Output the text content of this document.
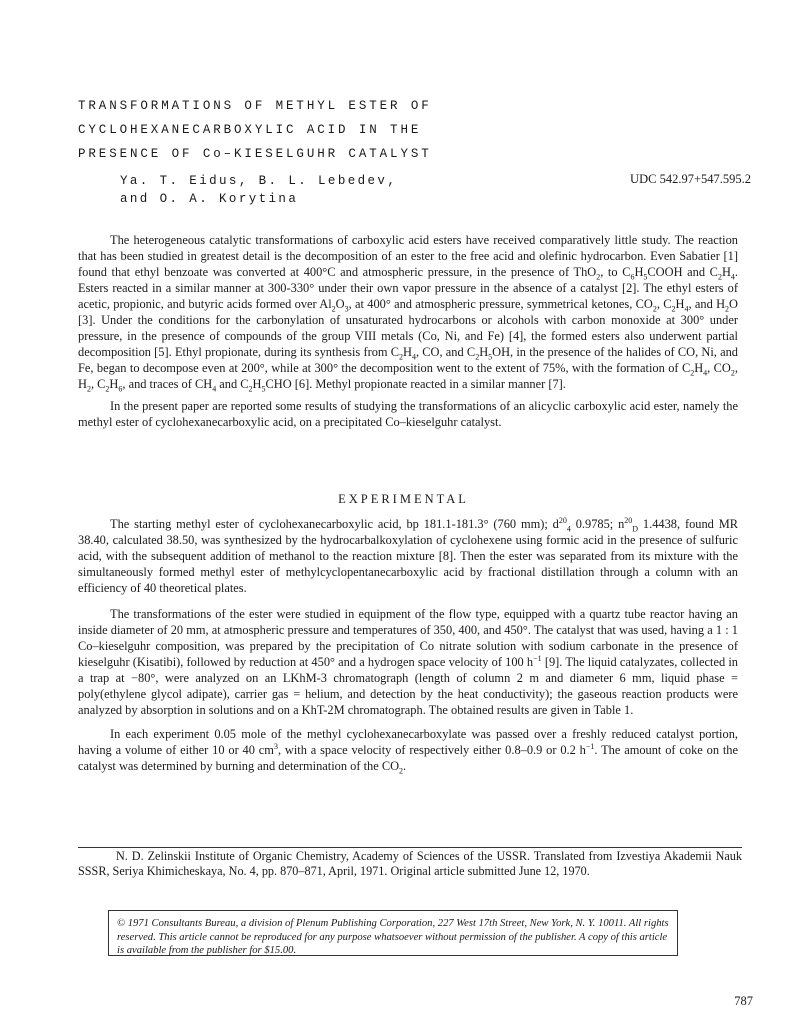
TRANSFORMATIONS OF METHYL ESTER OF
CYCLOHEXANECARBOXYLIC ACID IN THE
PRESENCE OF Co–KIESELGUHR CATALYST
Ya. T. Eidus, B. L. Lebedev,
and O. A. Korytina
UDC 542.97+547.595.2

The heterogeneous catalytic transformations of carboxylic acid esters have received comparatively little study. The reaction that has been studied in greatest detail is the decomposition of an ester to the free acid and olefinic hydrocarbon. Even Sabatier [1] found that ethyl benzoate was converted at 400°C and atmospheric pressure, in the presence of ThO$_2$, to $C_6H_5COOH$ and $C_2H_4$. Esters reacted in a similar manner at 300-330° under their own vapor pressure in the absence of a catalyst [2]. The ethyl esters of acetic, propionic, and butyric acids formed over $Al_2O_3$, at 400° and atmospheric pressure, symmetrical ketones, $CO_2$, $C_2H_4$, and $H_2O$ [3]. Under the conditions for the carbonylation of unsaturated hydrocarbons or alcohols with carbon monoxide at 300° under pressure, in the presence of compounds of the group VIII metals (Co, Ni, and Fe) [4], the formed esters also underwent partial decomposition [5]. Ethyl propionate, during its synthesis from $C_2H_4$, CO, and $C_2H_5OH$, in the presence of the halides of CO, Ni, and Fe, began to decompose even at 200°, while at 300° the decomposition went to the extent of 75%, with the formation of $C_2H_4$, $CO_2$, $H_2$, $C_2H_6$, and traces of $CH_4$ and $C_2H_5CHO$ [6]. Methyl propionate reacted in a similar manner [7].

In the present paper are reported some results of studying the transformations of an alicyclic carboxylic acid ester, namely the methyl ester of cyclohexanecarboxylic acid, on a precipitated Co–kieselguhr catalyst.

EXPERIMENTAL

The starting methyl ester of cyclohexanecarboxylic acid, bp 181.1-181.3° (760 mm); $d^{20}_4$ 0.9785; $n^{20}_D$ 1.4438, found MR 38.40, calculated 38.50, was synthesized by the hydrocarbalkoxylation of cyclohexene using formic acid in the presence of sulfuric acid, with the subsequent addition of methanol to the reaction mixture [8]. Then the ester was separated from its mixture with the simultaneously formed methyl ester of methylcyclopentanecarboxylic acid by fractional distillation through a column with an efficiency of 40 theoretical plates.

The transformations of the ester were studied in equipment of the flow type, equipped with a quartz tube reactor having an inside diameter of 20 mm, at atmospheric pressure and temperatures of 350, 400, and 450°. The catalyst that was used, having a 1 : 1 Co–kieselguhr composition, was prepared by the precipitation of Co nitrate solution with sodium carbonate in the presence of kieselguhr (Kisatibi), followed by reduction at 450° and a hydrogen space velocity of 100 $h^{-1}$ [9]. The liquid catalyzates, collected in a trap at −80°, were analyzed on an LKhM-3 chromatograph (length of column 2 m and diameter 6 mm, liquid phase = poly(ethylene glycol adipate), carrier gas = helium, and detection by the heat conductivity); the gaseous reaction products were analyzed by absorption in solutions and on a KhT-2M chromatograph. The obtained results are given in Table 1.

In each experiment 0.05 mole of the methyl cyclohexanecarboxylate was passed over a freshly reduced catalyst portion, having a volume of either 10 or 40 $cm^3$, with a space velocity of respectively either 0.8–0.9 or 0.2 $h^{-1}$. The amount of coke on the catalyst was determined by burning and determination of the $CO_2$.

N. D. Zelinskii Institute of Organic Chemistry, Academy of Sciences of the USSR. Translated from Izvestiya Akademii Nauk SSSR, Seriya Khimicheskaya, No. 4, pp. 870–871, April, 1971. Original article submitted June 12, 1970.

© 1971 Consultants Bureau, a division of Plenum Publishing Corporation, 227 West 17th Street, New York, N. Y. 10011. All rights reserved. This article cannot be reproduced for any purpose whatsoever without permission of the publisher. A copy of this article is available from the publisher for $15.00.
787
